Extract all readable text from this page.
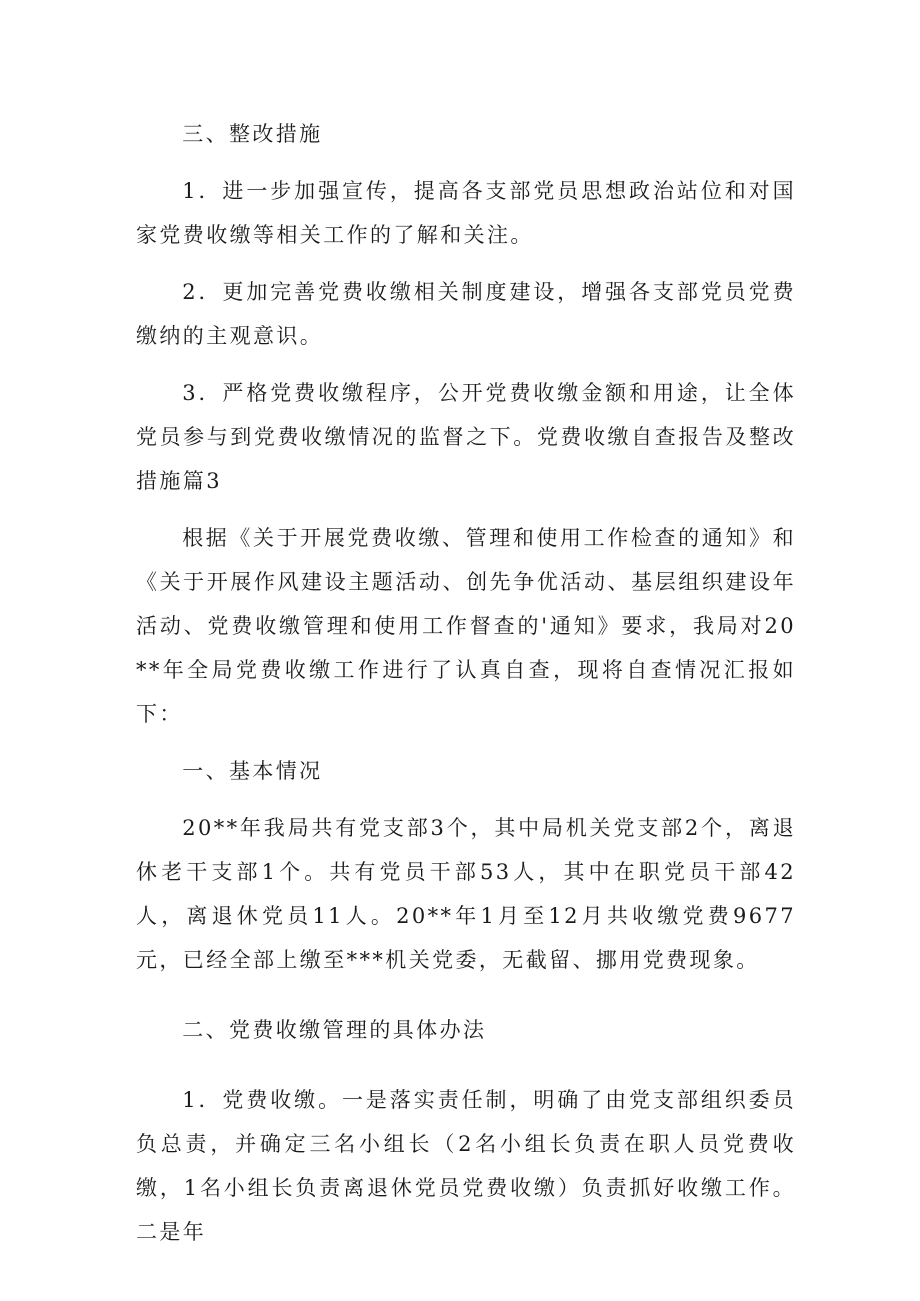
三、整改措施

1．进一步加强宣传，提高各支部党员思想政治站位和对国家党费收缴等相关工作的了解和关注。

2．更加完善党费收缴相关制度建设，增强各支部党员党费缴纳的主观意识。

3．严格党费收缴程序，公开党费收缴金额和用途，让全体党员参与到党费收缴情况的监督之下。党费收缴自查报告及整改措施篇3

根据《关于开展党费收缴、管理和使用工作检查的通知》和《关于开展作风建设主题活动、创先争优活动、基层组织建设年活动、党费收缴管理和使用工作督查的'通知》要求，我局对20**年全局党费收缴工作进行了认真自查，现将自查情况汇报如下：

一、基本情况

20**年我局共有党支部3个，其中局机关党支部2个，离退休老干支部1个。共有党员干部53人，其中在职党员干部42人，离退休党员11人。20**年1月至12月共收缴党费9677元，已经全部上缴至***机关党委，无截留、挪用党费现象。

二、党费收缴管理的具体办法

1．党费收缴。一是落实责任制，明确了由党支部组织委员负总责，并确定三名小组长（2名小组长负责在职人员党费收缴，1名小组长负责离退休党员党费收缴）负责抓好收缴工作。二是年
